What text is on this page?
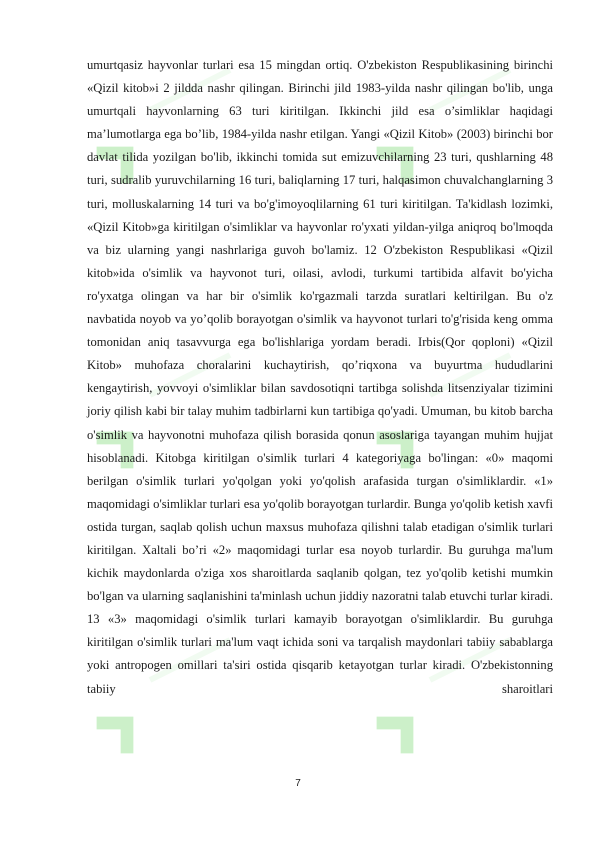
umurtqasiz hayvonlar turlari esa 15 mingdan ortiq. O'zbekiston Respublikasining birinchi «Qizil kitob»i 2 jildda nashr qilingan. Birinchi jild 1983-yilda nashr qilingan bo'lib, unga umurtqali hayvonlarning 63 turi kiritilgan. Ikkinchi jild esa o’simliklar haqidagi ma’lumotlarga ega bo’lib, 1984-yilda nashr etilgan. Yangi «Qizil Kitob» (2003) birinchi bor davlat tilida yozilgan bo'lib, ikkinchi tomida sut emizuvchilarning 23 turi, qushlarning 48 turi, sudralib yuruvchilarning 16 turi, baliqlarning 17 turi, halqasimon chuvalchanglarning 3 turi, molluskalarning 14 turi va bo'g'imoyoqlilarning 61 turi kiritilgan. Ta'kidlash lozimki, «Qizil Kitob»ga kiritilgan o'simliklar va hayvonlar ro'yxati yildan-yilga aniqroq bo'lmoqda va biz ularning yangi nashrlariga guvoh bo'lamiz. 12 O'zbekiston Respublikasi «Qizil kitob»ida o'simlik va hayvonot turi, oilasi, avlodi, turkumi tartibida alfavit bo'yicha ro'yxatga olingan va har bir o'simlik ko'rgazmali tarzda suratlari keltirilgan. Bu o'z navbatida noyob va yo’qolib borayotgan o'simlik va hayvonot turlari to'g'risida keng omma tomonidan aniq tasavvurga ega bo'lishlariga yordam beradi. Irbis(Qor qoploni) «Qizil Kitob» muhofaza choralarini kuchaytirish, qo’riqxona va buyurtma hududlarini kengaytirish, yovvoyi o'simliklar bilan savdosotiqni tartibga solishda litsenziyalar tizimini joriy qilish kabi bir talay muhim tadbirlarni kun tartibiga qo'yadi. Umuman, bu kitob barcha o'simlik va hayvonotni muhofaza qilish borasida qonun asoslariga tayangan muhim hujjat hisoblanadi. Kitobga kiritilgan o'simlik turlari 4 kategoriyaga bo'lingan: «0» maqomi berilgan o'simlik turlari yo'qolgan yoki yo'qolish arafasida turgan o'simliklardir. «1» maqomidagi o'simliklar turlari esa yo'qolib borayotgan turlardir. Bunga yo'qolib ketish xavfi ostida turgan, saqlab qolish uchun maxsus muhofaza qilishni talab etadigan o'simlik turlari kiritilgan. Xaltali bo’ri «2» maqomidagi turlar esa noyob turlardir. Bu guruhga ma'lum kichik maydonlarda o'ziga xos sharoitlarda saqlanib qolgan, tez yo'qolib ketishi mumkin bo'lgan va ularning saqlanishini ta'minlash uchun jiddiy nazoratni talab etuvchi turlar kiradi. 13 «3» maqomidagi o'simlik turlari kamayib borayotgan o'simliklardir. Bu guruhga kiritilgan o'simlik turlari ma'lum vaqt ichida soni va tarqalish maydonlari tabiiy sabablarga yoki antropogen omillari ta'siri ostida qisqarib ketayotgan turlar kiradi. O'zbekistonning tabiiy sharoitlari

7
